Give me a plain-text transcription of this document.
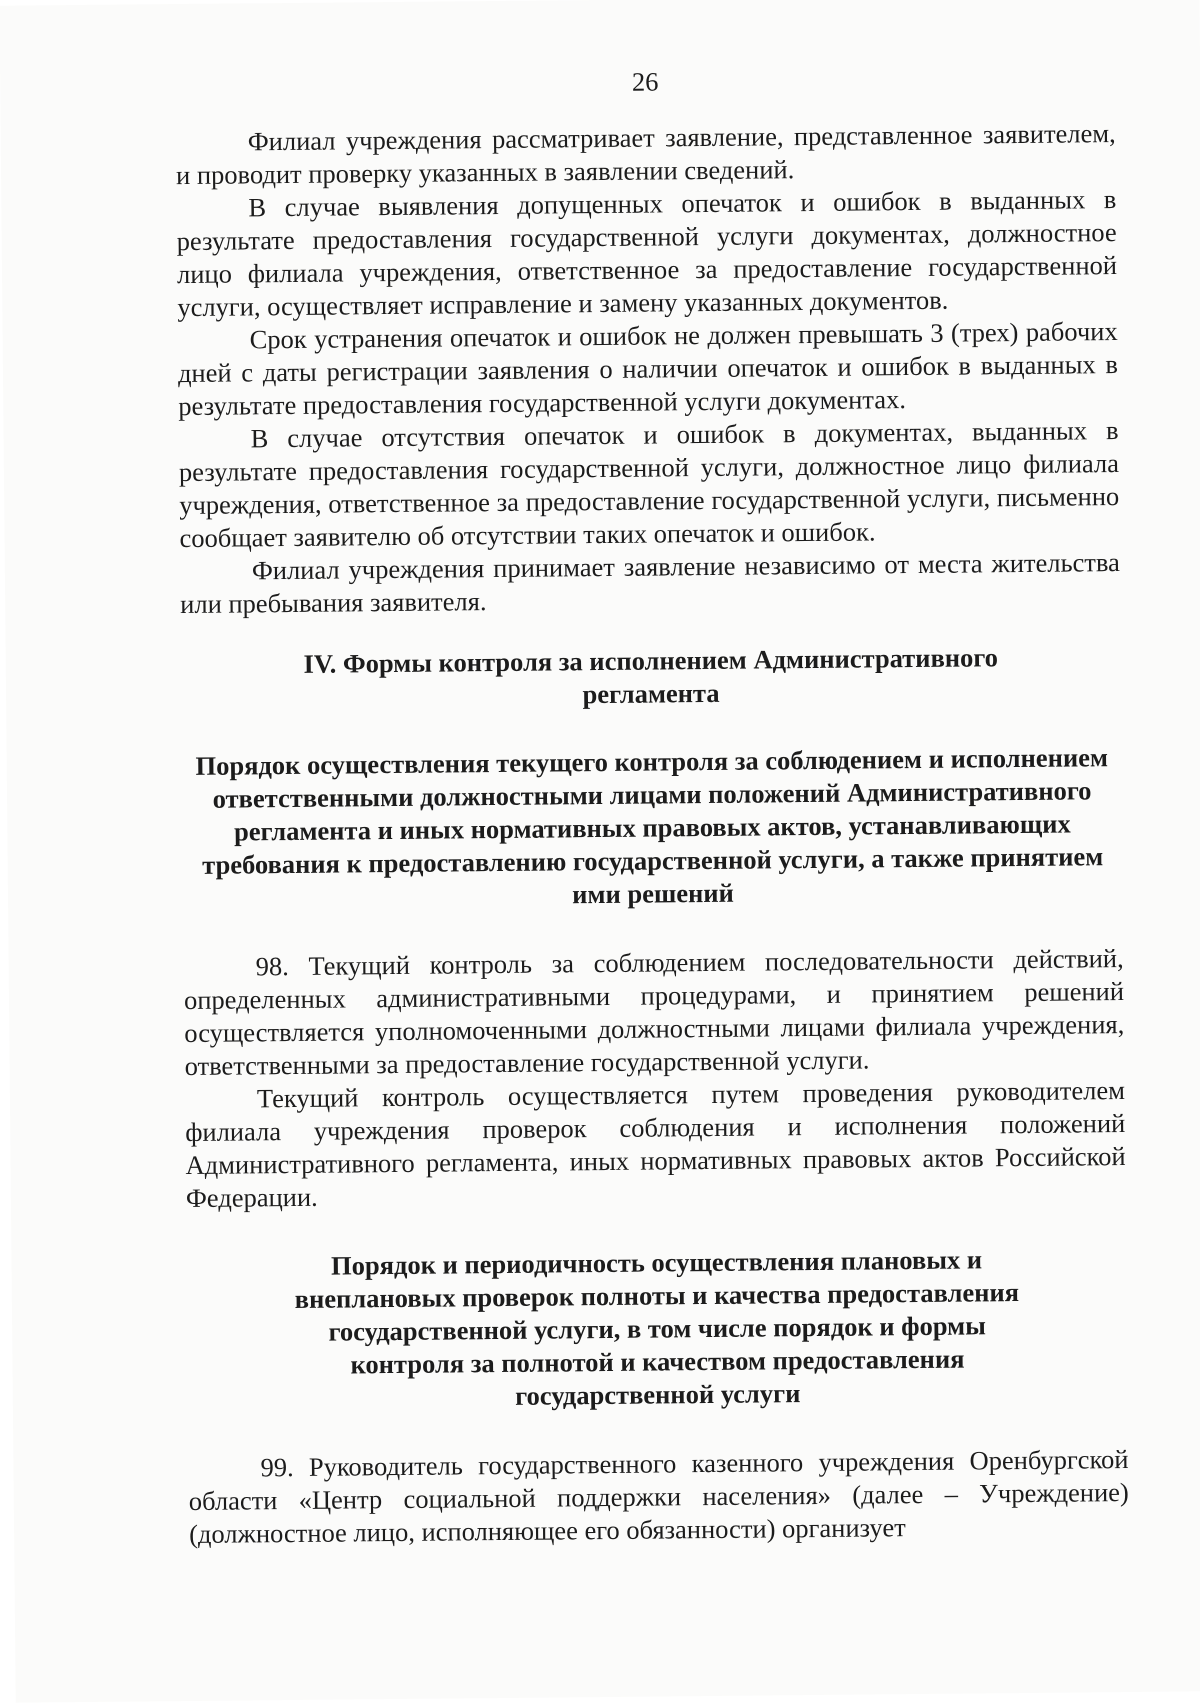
26

Филиал учреждения рассматривает заявление, представленное заявителем, и проводит проверку указанных в заявлении сведений.

В случае выявления допущенных опечаток и ошибок в выданных в результате предоставления государственной услуги документах, должностное лицо филиала учреждения, ответственное за предоставление государственной услуги, осуществляет исправление и замену указанных документов.

Срок устранения опечаток и ошибок не должен превышать 3 (трех) рабочих дней с даты регистрации заявления о наличии опечаток и ошибок в выданных в результате предоставления государственной услуги документах.

В случае отсутствия опечаток и ошибок в документах, выданных в результате предоставления государственной услуги, должностное лицо филиала учреждения, ответственное за предоставление государственной услуги, письменно сообщает заявителю об отсутствии таких опечаток и ошибок.

Филиал учреждения принимает заявление независимо от места жительства или пребывания заявителя.

IV. Формы контроля за исполнением Административного регламента
Порядок осуществления текущего контроля за соблюдением и исполнением ответственными должностными лицами положений Административного регламента и иных нормативных правовых актов, устанавливающих требования к предоставлению государственной услуги, а также принятием ими решений

98. Текущий контроль за соблюдением последовательности действий, определенных административными процедурами, и принятием решений осуществляется уполномоченными должностными лицами филиала учреждения, ответственными за предоставление государственной услуги.

Текущий контроль осуществляется путем проведения руководителем филиала учреждения проверок соблюдения и исполнения положений Административного регламента, иных нормативных правовых актов Российской Федерации.

Порядок и периодичность осуществления плановых и внеплановых проверок полноты и качества предоставления государственной услуги, в том числе порядок и формы контроля за полнотой и качеством предоставления государственной услуги

99. Руководитель государственного казенного учреждения Оренбургской области «Центр социальной поддержки населения» (далее – Учреждение) (должностное лицо, исполняющее его обязанности) организует
